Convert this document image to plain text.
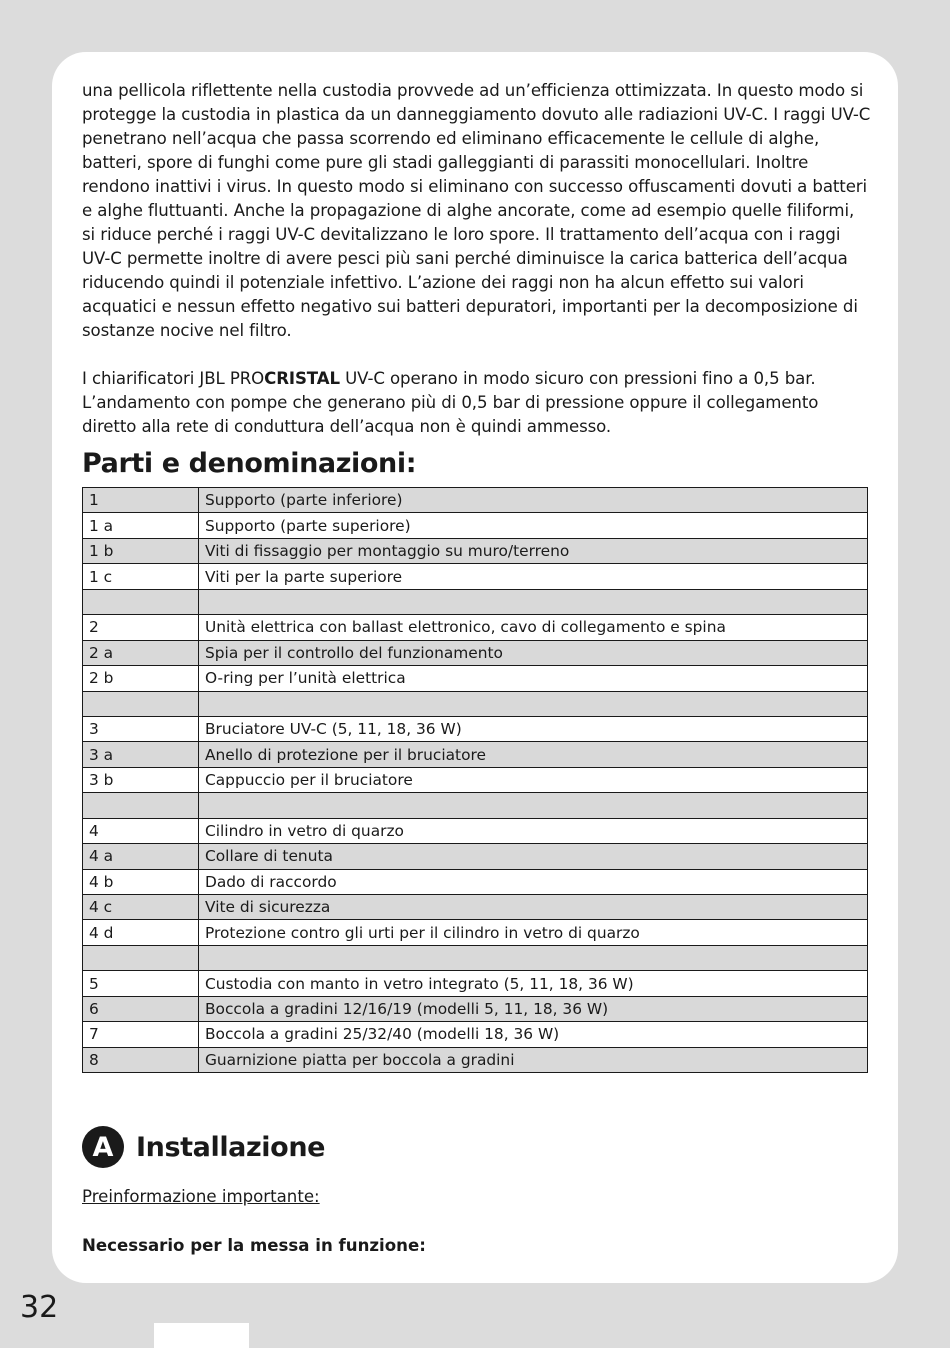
una pellicola riflettente nella custodia provvede ad un’efficienza ottimizzata. In questo modo si protegge la custodia in plastica da un danneggiamento dovuto alle radiazioni UV-C. I raggi UV-C penetrano nell’acqua che passa scorrendo ed eliminano efficacemente le cellule di alghe, batteri, spore di funghi come pure gli stadi galleggianti di parassiti monocellulari. Inoltre rendono inattivi i virus. In questo modo si eliminano con successo offuscamenti dovuti a batteri e alghe fluttuanti. Anche la propagazione di alghe ancorate, come ad esempio quelle filiformi, si riduce perché i raggi UV-C devitalizzano le loro spore. Il trattamento dell’acqua con i raggi UV-C permette inoltre di avere pesci più sani perché diminuisce la carica batterica dell’acqua riducendo quindi il potenziale infettivo. L’azione dei raggi non ha alcun effetto sui valori acquatici e nessun effetto negativo sui batteri depuratori, importanti per la decomposizione di sostanze nocive nel filtro.

I chiarificatori JBL PROCRISTAL UV-C operano in modo sicuro con pressioni fino a 0,5 bar. L’andamento con pompe che generano più di 0,5 bar di pressione oppure il collegamento diretto alla rete di conduttura dell’acqua non è quindi ammesso.

Parti e denominazioni:
1	Supporto (parte inferiore)
1 a	Supporto (parte superiore)
1 b	Viti di fissaggio per montaggio su muro/terreno
1 c	Viti per la parte superiore

2	Unità elettrica con ballast elettronico, cavo di collegamento e spina
2 a	Spia per il controllo del funzionamento
2 b	O-ring per l’unità elettrica

3	Bruciatore UV-C (5, 11, 18, 36 W)
3 a	Anello di protezione per il bruciatore
3 b	Cappuccio per il bruciatore

4	Cilindro in vetro di quarzo
4 a	Collare di tenuta
4 b	Dado di raccordo
4 c	Vite di sicurezza
4 d	Protezione contro gli urti per il cilindro in vetro di quarzo

5	Custodia con manto in vetro integrato (5, 11, 18, 36 W)
6	Boccola a gradini 12/16/19 (modelli 5, 11, 18, 36 W)
7	Boccola a gradini 25/32/40 (modelli 18, 36 W)
8	Guarnizione piatta per boccola a gradini
A Installazione
Preinformazione importante:
Necessario per la messa in funzione:
32
